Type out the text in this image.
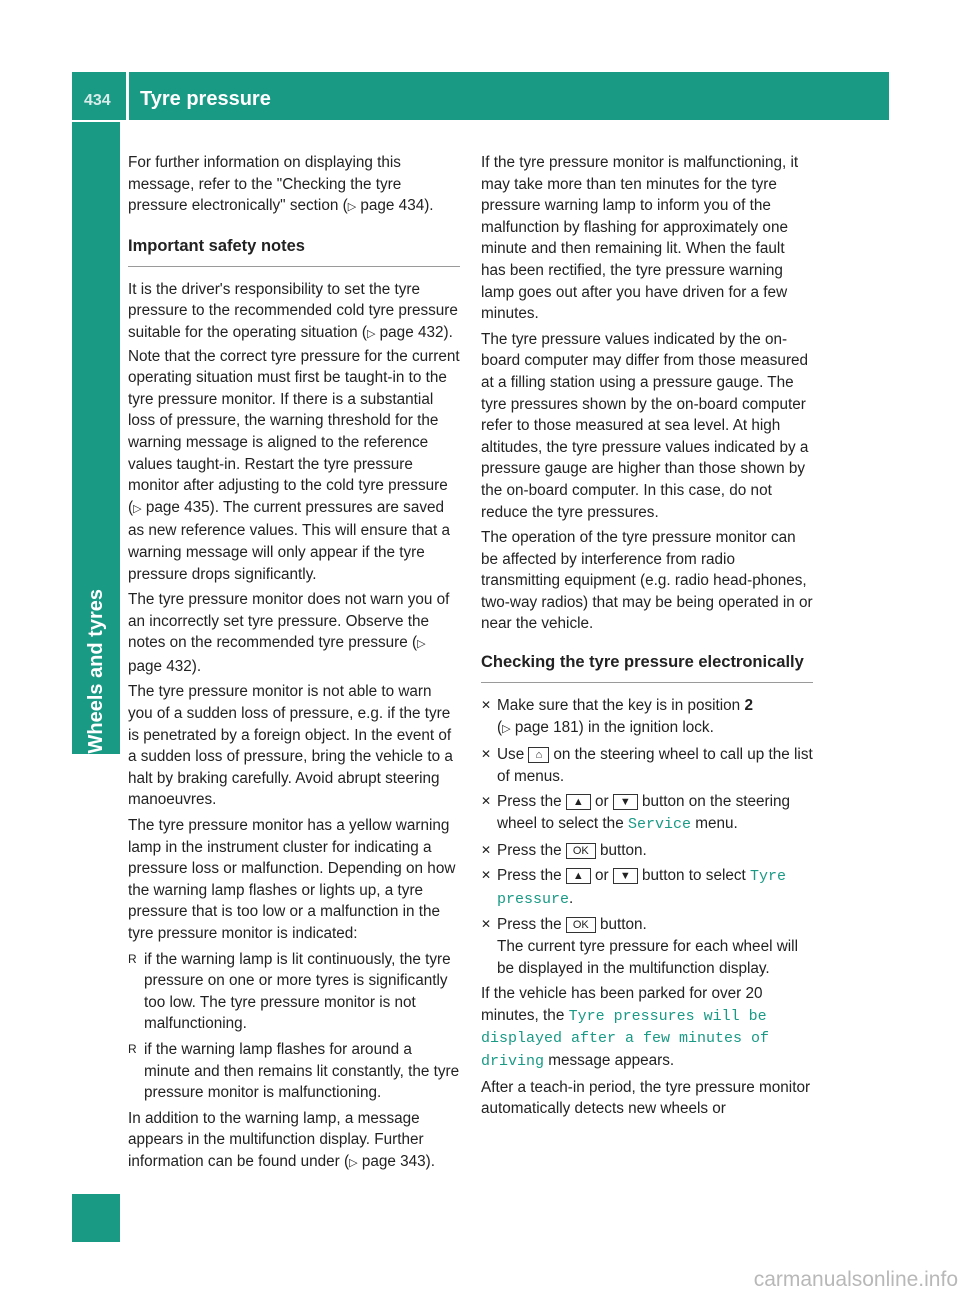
434 Tyre pressure
Wheels and tyres

For further information on displaying this message, refer to the "Checking the tyre pressure electronically" section (▷ page 434).

Important safety notes

It is the driver's responsibility to set the tyre pressure to the recommended cold tyre pressure suitable for the operating situation (▷ page 432). Note that the correct tyre pressure for the current operating situation must first be taught-in to the tyre pressure monitor. If there is a substantial loss of pressure, the warning threshold for the warning message is aligned to the reference values taught-in. Restart the tyre pressure monitor after adjusting to the cold tyre pressure (▷ page 435). The current pressures are saved as new reference values. This will ensure that a warning message will only appear if the tyre pressure drops significantly.

The tyre pressure monitor does not warn you of an incorrectly set tyre pressure. Observe the notes on the recommended tyre pressure (▷ page 432).

The tyre pressure monitor is not able to warn you of a sudden loss of pressure, e.g. if the tyre is penetrated by a foreign object. In the event of a sudden loss of pressure, bring the vehicle to a halt by braking carefully. Avoid abrupt steering manoeuvres.

The tyre pressure monitor has a yellow warning lamp in the instrument cluster for indicating a pressure loss or malfunction. Depending on how the warning lamp flashes or lights up, a tyre pressure that is too low or a malfunction in the tyre pressure monitor is indicated:

R if the warning lamp is lit continuously, the tyre pressure on one or more tyres is significantly too low. The tyre pressure monitor is not malfunctioning.

R if the warning lamp flashes for around a minute and then remains lit constantly, the tyre pressure monitor is malfunctioning.

In addition to the warning lamp, a message appears in the multifunction display. Further information can be found under (▷ page 343).

If the tyre pressure monitor is malfunctioning, it may take more than ten minutes for the tyre pressure warning lamp to inform you of the malfunction by flashing for approximately one minute and then remaining lit. When the fault has been rectified, the tyre pressure warning lamp goes out after you have driven for a few minutes.

The tyre pressure values indicated by the on-board computer may differ from those measured at a filling station using a pressure gauge. The tyre pressures shown by the on-board computer refer to those measured at sea level. At high altitudes, the tyre pressure values indicated by a pressure gauge are higher than those shown by the on-board computer. In this case, do not reduce the tyre pressures.

The operation of the tyre pressure monitor can be affected by interference from radio transmitting equipment (e.g. radio head-phones, two-way radios) that may be being operated in or near the vehicle.

Checking the tyre pressure electronically

✕ Make sure that the key is in position 2
(▷ page 181) in the ignition lock.

✕ Use ⌂ on the steering wheel to call up the list of menus.

✕ Press the ▲ or ▼ button on the steering wheel to select the Service menu.

✕ Press the OK button.

✕ Press the ▲ or ▼ button to select Tyre pressure.

✕ Press the OK button.
The current tyre pressure for each wheel will be displayed in the multifunction display.

If the vehicle has been parked for over 20 minutes, the Tyre pressures will be displayed after a few minutes of driving message appears.

After a teach-in period, the tyre pressure monitor automatically detects new wheels or

carmanualsonline.info
